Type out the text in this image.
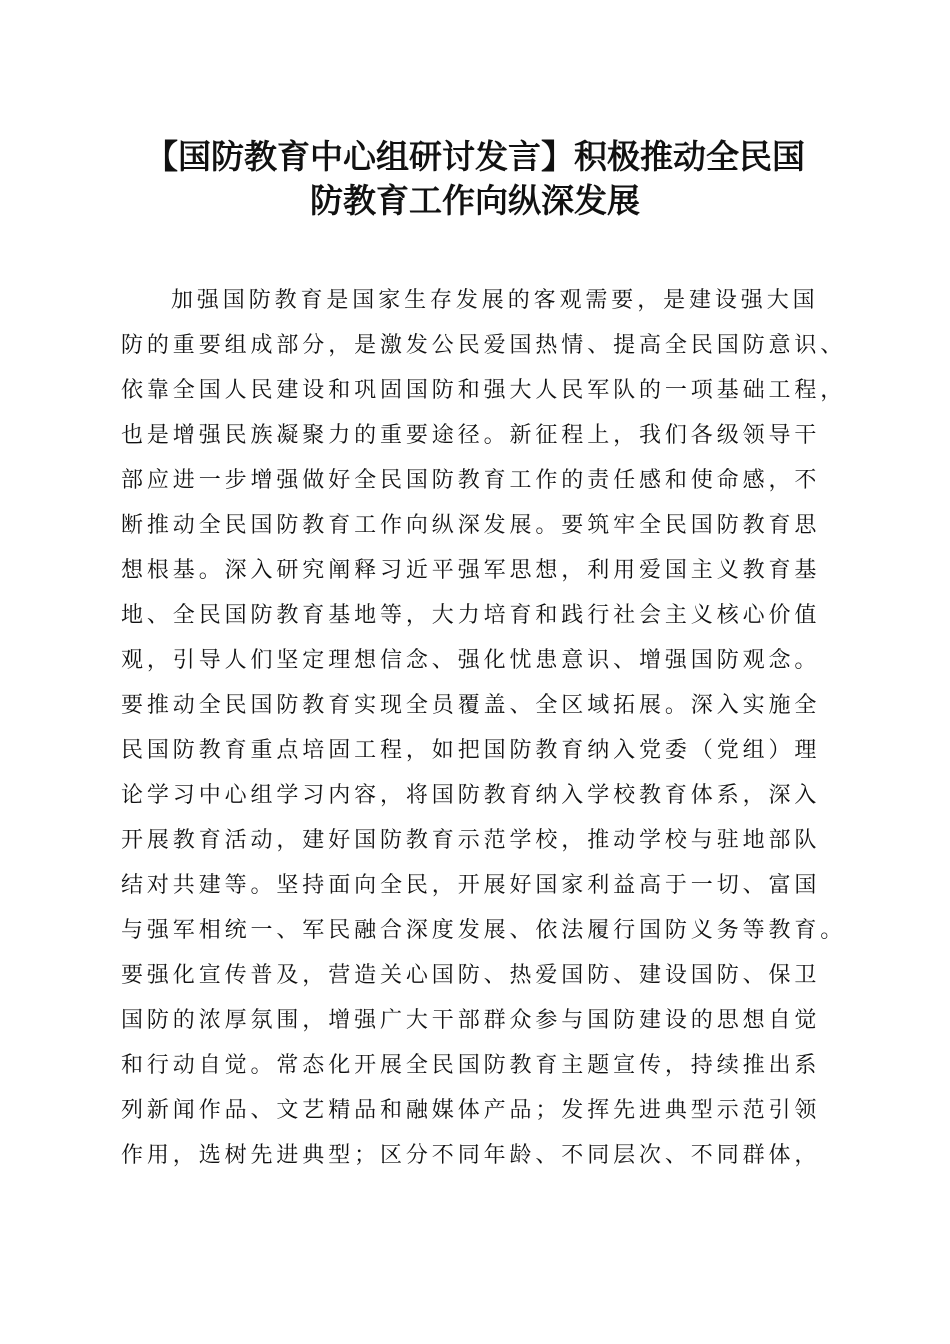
【国防教育中心组研讨发言】积极推动全民国
防教育工作向纵深发展
加强国防教育是国家生存发展的客观需要，是建设强大国
防的重要组成部分，是激发公民爱国热情、提高全民国防意识、
依靠全国人民建设和巩固国防和强大人民军队的一项基础工程，
也是增强民族凝聚力的重要途径。新征程上，我们各级领导干
部应进一步增强做好全民国防教育工作的责任感和使命感，不
断推动全民国防教育工作向纵深发展。要筑牢全民国防教育思
想根基。深入研究阐释习近平强军思想，利用爱国主义教育基
地、全民国防教育基地等，大力培育和践行社会主义核心价值
观，引导人们坚定理想信念、强化忧患意识、增强国防观念。
要推动全民国防教育实现全员覆盖、全区域拓展。深入实施全
民国防教育重点培固工程，如把国防教育纳入党委（党组）理
论学习中心组学习内容，将国防教育纳入学校教育体系，深入
开展教育活动，建好国防教育示范学校，推动学校与驻地部队
结对共建等。坚持面向全民，开展好国家利益高于一切、富国
与强军相统一、军民融合深度发展、依法履行国防义务等教育。
要强化宣传普及，营造关心国防、热爱国防、建设国防、保卫
国防的浓厚氛围，增强广大干部群众参与国防建设的思想自觉
和行动自觉。常态化开展全民国防教育主题宣传，持续推出系
列新闻作品、文艺精品和融媒体产品；发挥先进典型示范引领
作用，选树先进典型；区分不同年龄、不同层次、不同群体，
